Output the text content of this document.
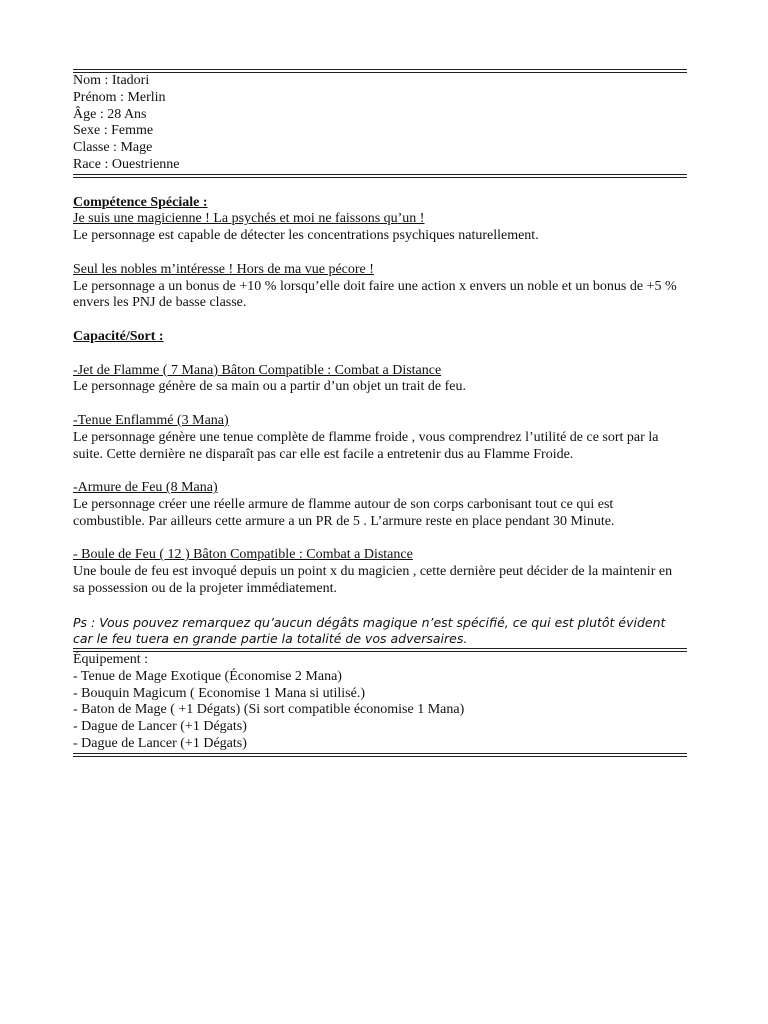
Nom : Itadori
Prénom : Merlin
Âge : 28 Ans
Sexe : Femme
Classe : Mage
Race : Ouestrienne
Compétence Spéciale :
Je suis une magicienne ! La psychés et moi ne faissons qu’un !
Le personnage est capable de détecter les concentrations psychiques naturellement.
Seul les nobles m’intéresse ! Hors de ma vue pécore !
Le personnage a un bonus de +10 % lorsqu’elle doit faire une action x envers un noble et un bonus de +5 % envers les PNJ de basse classe.
Capacité/Sort :
-Jet de Flamme ( 7 Mana) Bâton Compatible : Combat a Distance
Le personnage génère de sa main ou a partir d’un objet un trait de feu.
-Tenue Enflammé (3 Mana)
Le personnage génère une tenue complète de flamme froide , vous comprendrez l’utilité de ce sort par la suite. Cette dernière ne disparaît pas car elle est facile a entretenir dus au Flamme Froide.
-Armure de Feu (8 Mana)
Le personnage créer une réelle armure de flamme autour de son corps carbonisant tout ce qui est combustible. Par ailleurs cette armure a un PR de 5 . L’armure reste en place pendant 30 Minute.
- Boule de Feu ( 12 ) Bâton Compatible : Combat a Distance
Une boule de feu est invoqué depuis un point x du magicien , cette dernière peut décider de la maintenir en sa possession ou de la projeter immédiatement.
Ps : Vous pouvez remarquez qu’aucun dégâts magique n’est spécifié, ce qui est plutôt évident car le feu tuera en grande partie la totalité de vos adversaires.
Équipement :
- Tenue de Mage Exotique (Économise 2 Mana)
- Bouquin Magicum ( Economise 1 Mana si utilisé.)
- Baton de Mage ( +1 Dégats) (Si sort compatible économise 1 Mana)
- Dague de Lancer (+1 Dégats)
- Dague de Lancer (+1 Dégats)
